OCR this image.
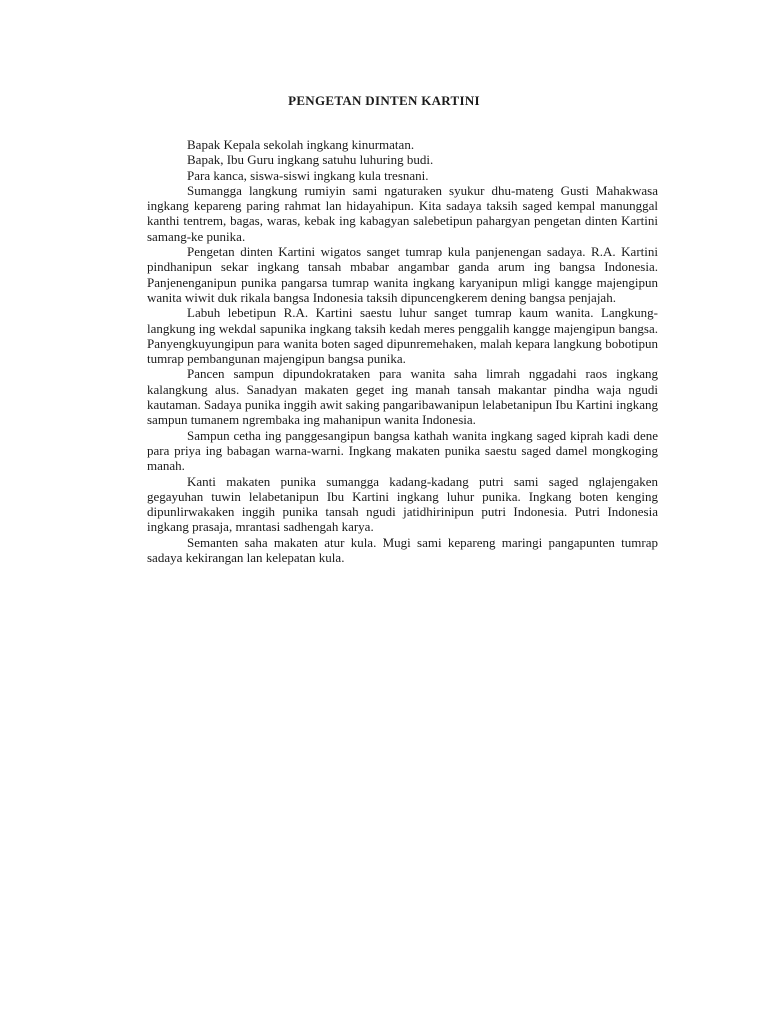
PENGETAN DINTEN KARTINI

Bapak Kepala sekolah ingkang kinurmatan.

Bapak, Ibu Guru ingkang satuhu luhuring budi.

Para kanca, siswa-siswi ingkang kula tresnani.

Sumangga langkung rumiyin sami ngaturaken syukur dhu-mateng Gusti Mahakwasa ingkang kepareng paring rahmat lan hidayahipun. Kita sadaya taksih saged kempal manunggal kanthi tentrem, bagas, waras, kebak ing kabagyan salebetipun pahargyan pengetan dinten Kartini samang-ke punika.

Pengetan dinten Kartini wigatos sanget tumrap kula panjenengan sadaya. R.A. Kartini pindhanipun sekar ingkang tansah mbabar angambar ganda arum ing bangsa Indonesia. Panjenenganipun punika pangarsa tumrap wanita ingkang karyanipun mligi kangge majengipun wanita wiwit duk rikala bangsa Indonesia taksih dipuncengkerem dening bangsa penjajah.

Labuh lebetipun R.A. Kartini saestu luhur sanget tumrap kaum wanita. Langkung-langkung ing wekdal sapunika ingkang taksih kedah meres penggalih kangge majengipun bangsa. Panyengkuyungipun para wanita boten saged dipunremehaken, malah kepara langkung bobotipun tumrap pembangunan majengipun bangsa punika.

Pancen sampun dipundokrataken para wanita saha limrah nggadahi raos ingkang kalangkung alus. Sanadyan makaten geget ing manah tansah makantar pindha waja ngudi kautaman. Sadaya punika inggih awit saking pangaribawanipun lelabetanipun Ibu Kartini ingkang sampun tumanem ngrembaka ing mahanipun wanita Indonesia.

Sampun cetha ing panggesangipun bangsa kathah wanita ingkang saged kiprah kadi dene para priya ing babagan warna-warni. Ingkang makaten punika saestu saged damel mongkoging manah.

Kanti makaten punika sumangga kadang-kadang putri sami saged nglajengaken gegayuhan tuwin lelabetanipun Ibu Kartini ingkang luhur punika. Ingkang boten kenging dipunlirwakaken inggih punika tansah ngudi jatidhirinipun putri Indonesia. Putri Indonesia ingkang prasaja, mrantasi sadhengah karya.

Semanten saha makaten atur kula. Mugi sami kepareng maringi pangapunten tumrap sadaya kekirangan lan kelepatan kula.
